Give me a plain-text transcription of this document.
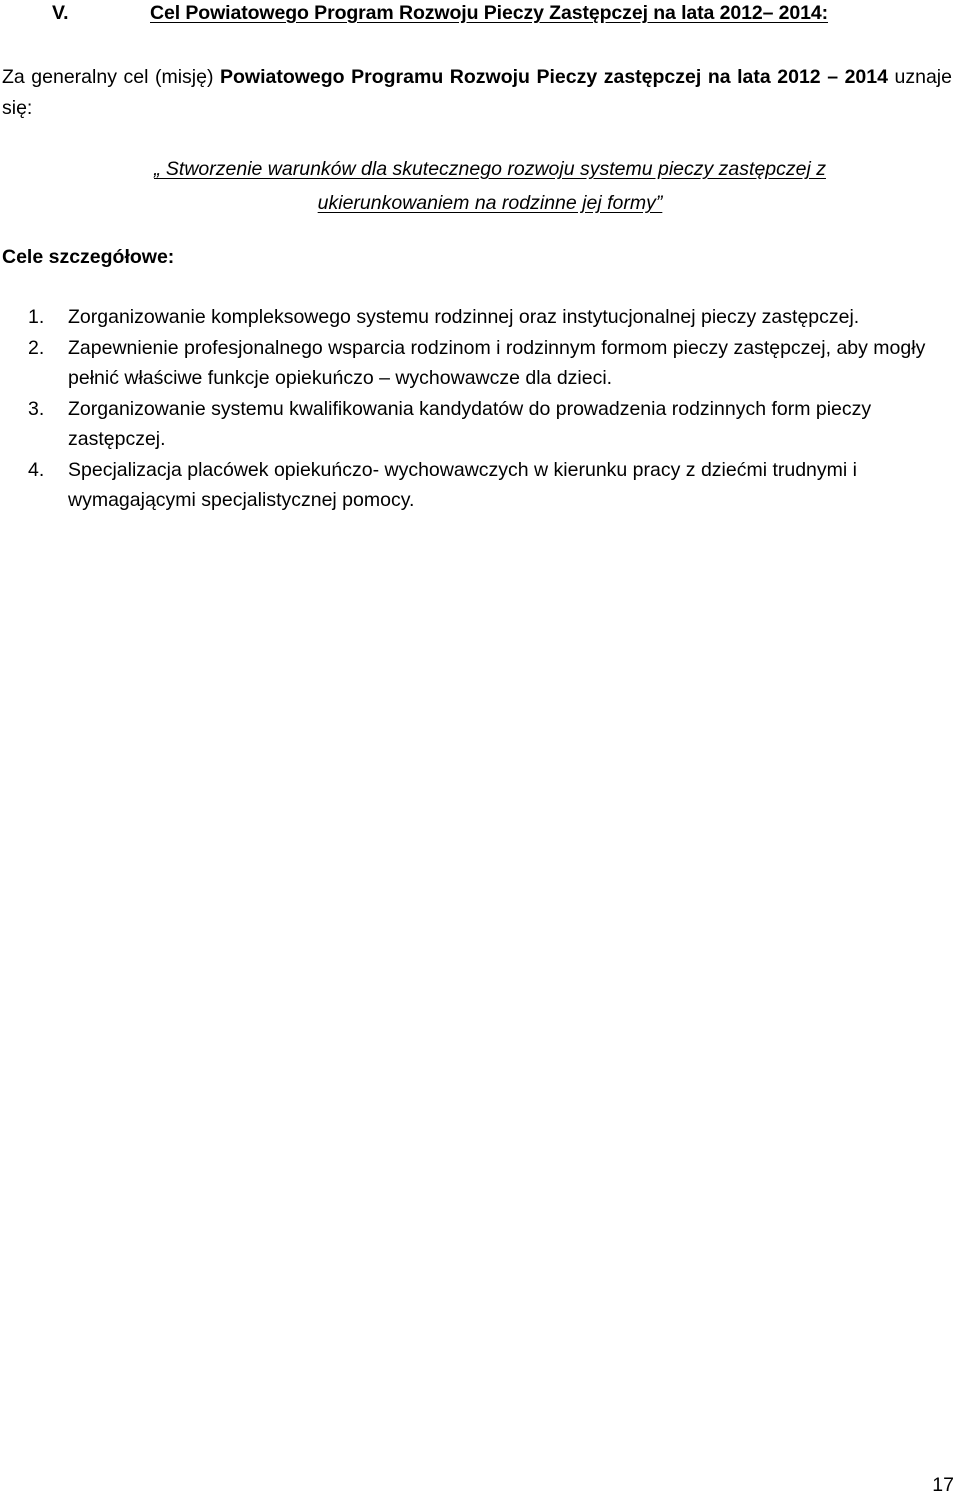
V.	Cel Powiatowego Program Rozwoju Pieczy Zastępczej na lata 2012– 2014:
Za generalny cel (misję) Powiatowego Programu Rozwoju Pieczy zastępczej na lata 2012 – 2014 uznaje się:
„ Stworzenie warunków dla skutecznego rozwoju systemu pieczy zastępczej z ukierunkowaniem na rodzinne jej formy”
Cele szczegółowe:
1. Zorganizowanie kompleksowego systemu rodzinnej oraz instytucjonalnej pieczy zastępczej.
2. Zapewnienie profesjonalnego wsparcia rodzinom i rodzinnym formom pieczy zastępczej, aby mogły pełnić właściwe funkcje opiekuńczo – wychowawcze dla dzieci.
3. Zorganizowanie systemu kwalifikowania kandydatów do prowadzenia rodzinnych form pieczy zastępczej.
4. Specjalizacja placówek opiekuńczo- wychowawczych w kierunku pracy z dziećmi trudnymi i wymagającymi specjalistycznej pomocy.
17
